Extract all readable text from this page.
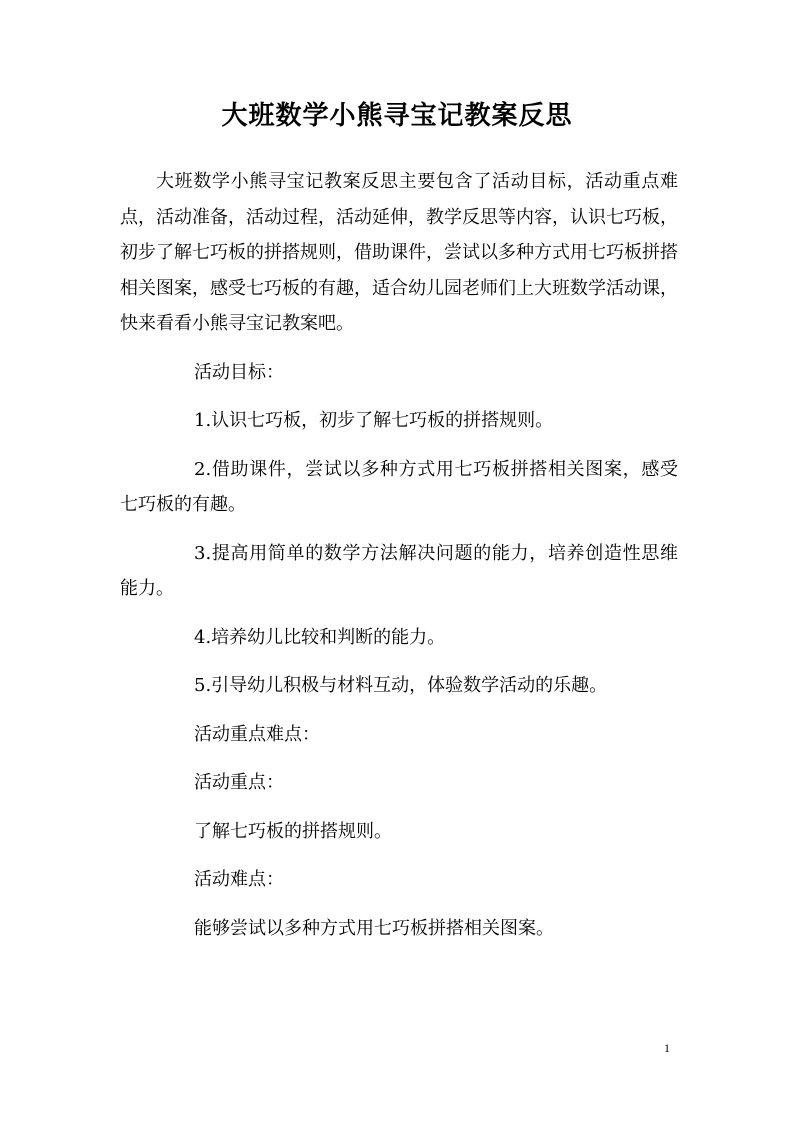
大班数学小熊寻宝记教案反思

大班数学小熊寻宝记教案反思主要包含了活动目标，活动重点难点，活动准备，活动过程，活动延伸，教学反思等内容，认识七巧板，初步了解七巧板的拼搭规则，借助课件，尝试以多种方式用七巧板拼搭相关图案，感受七巧板的有趣，适合幼儿园老师们上大班数学活动课，快来看看小熊寻宝记教案吧。

活动目标：

1.认识七巧板，初步了解七巧板的拼搭规则。

2.借助课件，尝试以多种方式用七巧板拼搭相关图案，感受七巧板的有趣。

3.提高用简单的数学方法解决问题的能力，培养创造性思维能力。

4.培养幼儿比较和判断的能力。

5.引导幼儿积极与材料互动，体验数学活动的乐趣。

活动重点难点：

活动重点：

了解七巧板的拼搭规则。

活动难点：

能够尝试以多种方式用七巧板拼搭相关图案。

1
